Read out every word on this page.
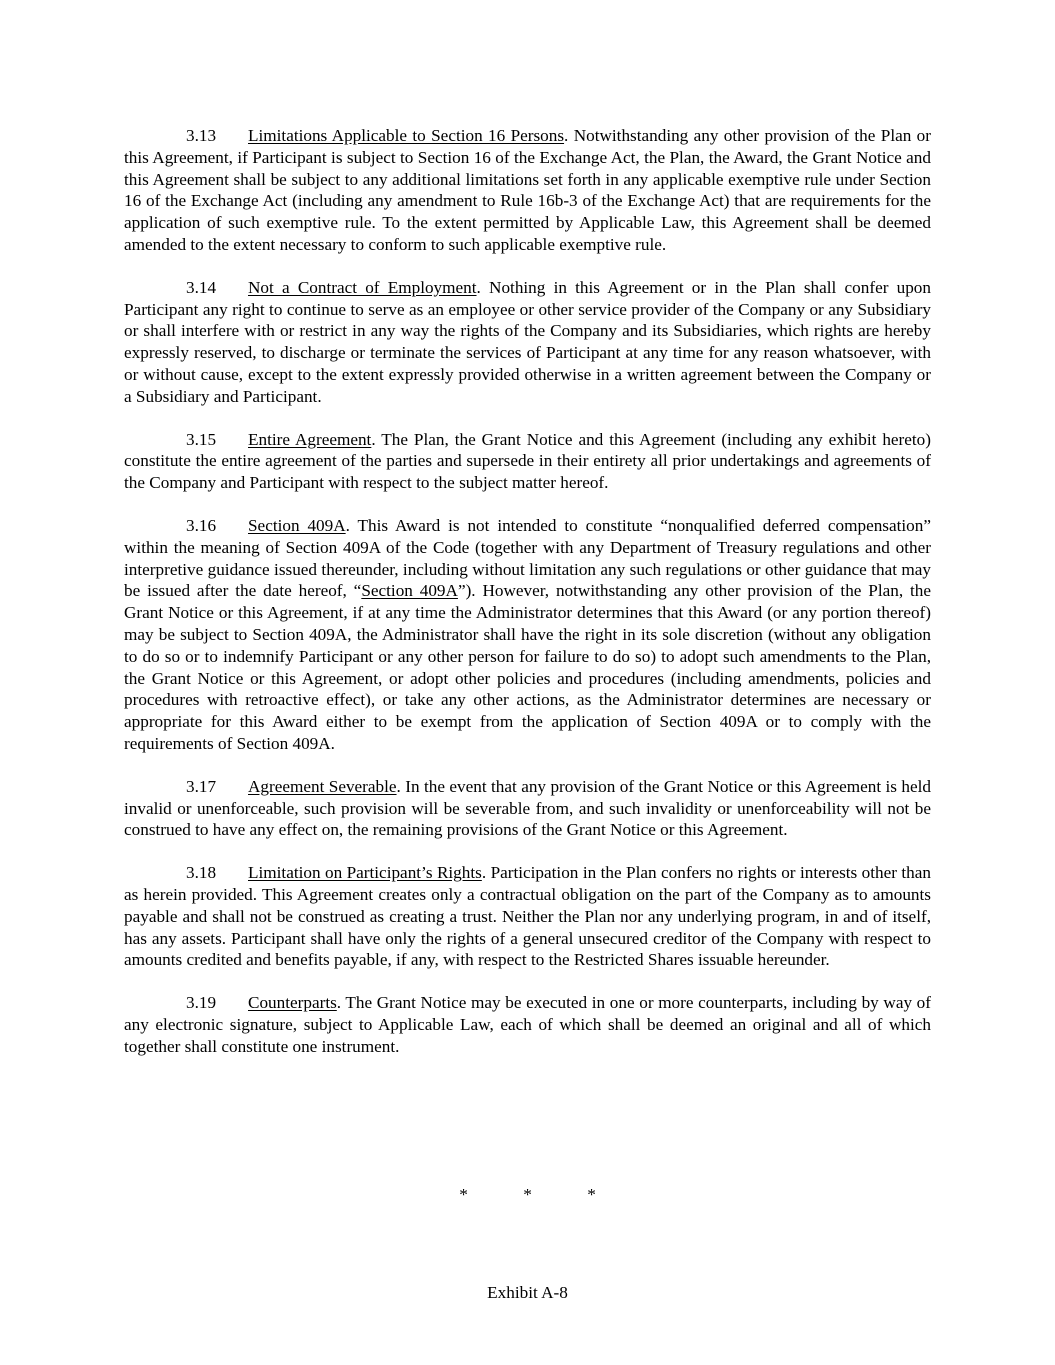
3.13 Limitations Applicable to Section 16 Persons. Notwithstanding any other provision of the Plan or this Agreement, if Participant is subject to Section 16 of the Exchange Act, the Plan, the Award, the Grant Notice and this Agreement shall be subject to any additional limitations set forth in any applicable exemptive rule under Section 16 of the Exchange Act (including any amendment to Rule 16b-3 of the Exchange Act) that are requirements for the application of such exemptive rule. To the extent permitted by Applicable Law, this Agreement shall be deemed amended to the extent necessary to conform to such applicable exemptive rule.

3.14 Not a Contract of Employment. Nothing in this Agreement or in the Plan shall confer upon Participant any right to continue to serve as an employee or other service provider of the Company or any Subsidiary or shall interfere with or restrict in any way the rights of the Company and its Subsidiaries, which rights are hereby expressly reserved, to discharge or terminate the services of Participant at any time for any reason whatsoever, with or without cause, except to the extent expressly provided otherwise in a written agreement between the Company or a Subsidiary and Participant.

3.15 Entire Agreement. The Plan, the Grant Notice and this Agreement (including any exhibit hereto) constitute the entire agreement of the parties and supersede in their entirety all prior undertakings and agreements of the Company and Participant with respect to the subject matter hereof.

3.16 Section 409A. This Award is not intended to constitute “nonqualified deferred compensation” within the meaning of Section 409A of the Code (together with any Department of Treasury regulations and other interpretive guidance issued thereunder, including without limitation any such regulations or other guidance that may be issued after the date hereof, “Section 409A”). However, notwithstanding any other provision of the Plan, the Grant Notice or this Agreement, if at any time the Administrator determines that this Award (or any portion thereof) may be subject to Section 409A, the Administrator shall have the right in its sole discretion (without any obligation to do so or to indemnify Participant or any other person for failure to do so) to adopt such amendments to the Plan, the Grant Notice or this Agreement, or adopt other policies and procedures (including amendments, policies and procedures with retroactive effect), or take any other actions, as the Administrator determines are necessary or appropriate for this Award either to be exempt from the application of Section 409A or to comply with the requirements of Section 409A.

3.17 Agreement Severable. In the event that any provision of the Grant Notice or this Agreement is held invalid or unenforceable, such provision will be severable from, and such invalidity or unenforceability will not be construed to have any effect on, the remaining provisions of the Grant Notice or this Agreement.

3.18 Limitation on Participant’s Rights. Participation in the Plan confers no rights or interests other than as herein provided. This Agreement creates only a contractual obligation on the part of the Company as to amounts payable and shall not be construed as creating a trust. Neither the Plan nor any underlying program, in and of itself, has any assets. Participant shall have only the rights of a general unsecured creditor of the Company with respect to amounts credited and benefits payable, if any, with respect to the Restricted Shares issuable hereunder.

3.19 Counterparts. The Grant Notice may be executed in one or more counterparts, including by way of any electronic signature, subject to Applicable Law, each of which shall be deemed an original and all of which together shall constitute one instrument.

*	*	*
Exhibit A-8
